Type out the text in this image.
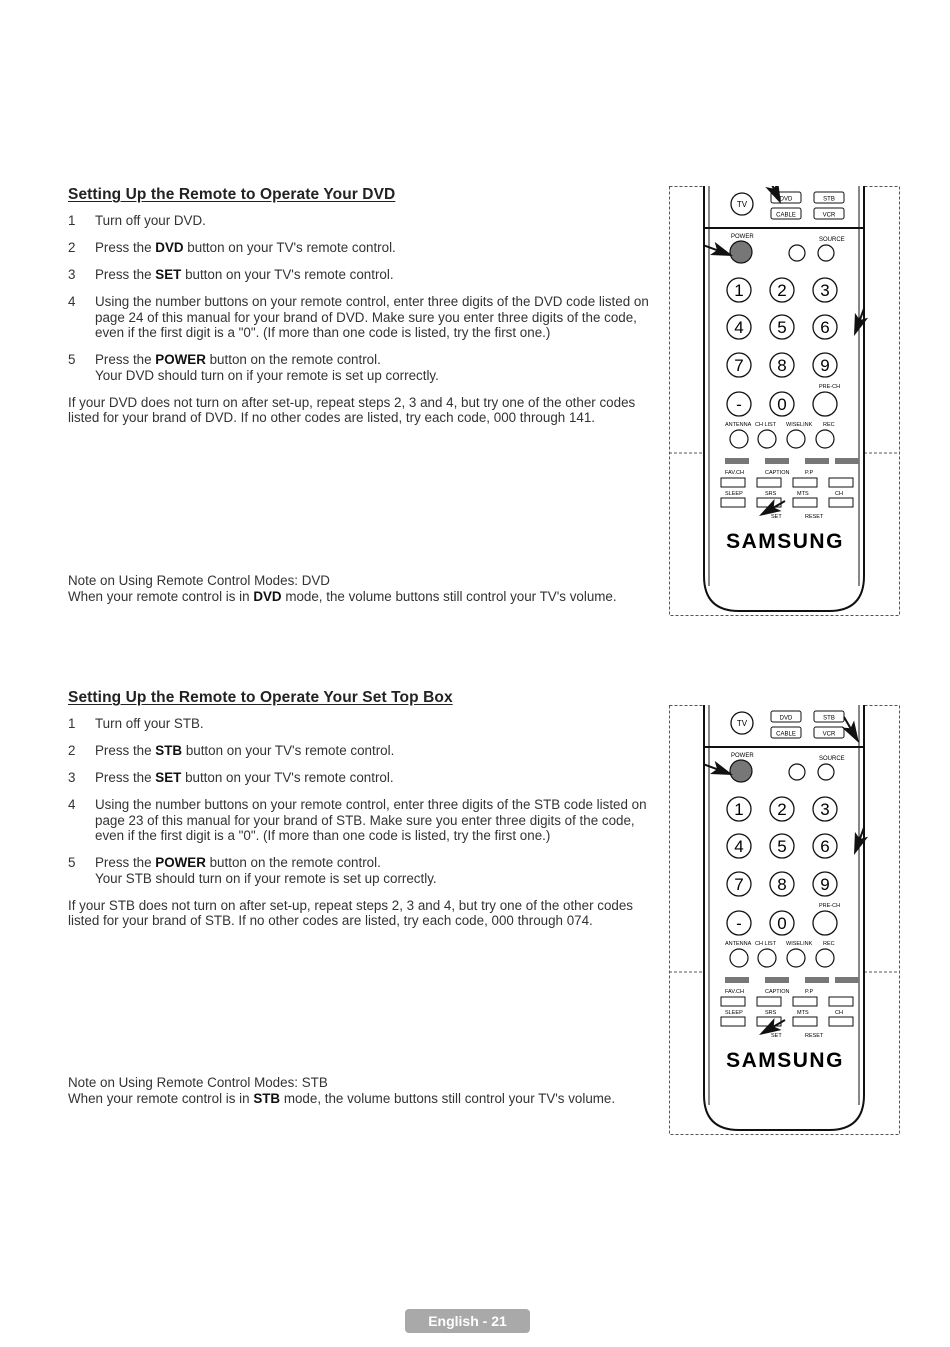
Setting Up the Remote to Operate Your DVD
1	Turn off your DVD.
2	Press the DVD button on your TV's remote control.
3	Press the SET button on your TV's remote control.
4	Using the number buttons on your remote control, enter three digits of the DVD code listed on page 24 of this manual for your brand of DVD. Make sure you enter three digits of the code, even if the first digit is a "0". (If more than one code is listed, try the first one.)
5	Press the POWER button on the remote control.
Your DVD should turn on if your remote is set up correctly.
If your DVD does not turn on after set-up, repeat steps 2, 3 and 4, but try one of the other codes listed for your brand of DVD. If no other codes are listed, try each code, 000 through 141.
Note on Using Remote Control Modes: DVD
When your remote control is in DVD mode, the volume buttons still control your TV's volume.
Setting Up the Remote to Operate Your Set Top Box
1	Turn off your STB.
2	Press the STB button on your TV's remote control.
3	Press the SET button on your TV's remote control.
4	Using the number buttons on your remote control, enter three digits of the STB code listed on page 23 of this manual for your brand of STB. Make sure you enter three digits of the code, even if the first digit is a "0". (If more than one code is listed, try the first one.)
5	Press the POWER button on the remote control.
Your STB should turn on if your remote is set up correctly.
If your STB does not turn on after set-up, repeat steps 2, 3 and 4, but try one of the other codes listed for your brand of STB. If no other codes are listed, try each code, 000 through 074.
Note on Using Remote Control Modes: STB
When your remote control is in STB mode, the volume buttons still control your TV's volume.
TV
DVD	STB
CABLE	VCR
POWER	SOURCE
1 2 3
4 5 6
7 8 9
- 0
PRE-CH
ANTENNA CH LIST WISELINK REC
FAV.CH	CAPTION	P.P
SLEEP	SRS	MTS	CH
SET	RESET
SAMSUNG
TV
DVD	STB
CABLE	VCR
POWER	SOURCE
1 2 3
4 5 6
7 8 9
- 0
PRE-CH
ANTENNA CH LIST WISELINK REC
FAV.CH	CAPTION	P.P
SLEEP	SRS	MTS	CH
SET	RESET
SAMSUNG
English - 21
